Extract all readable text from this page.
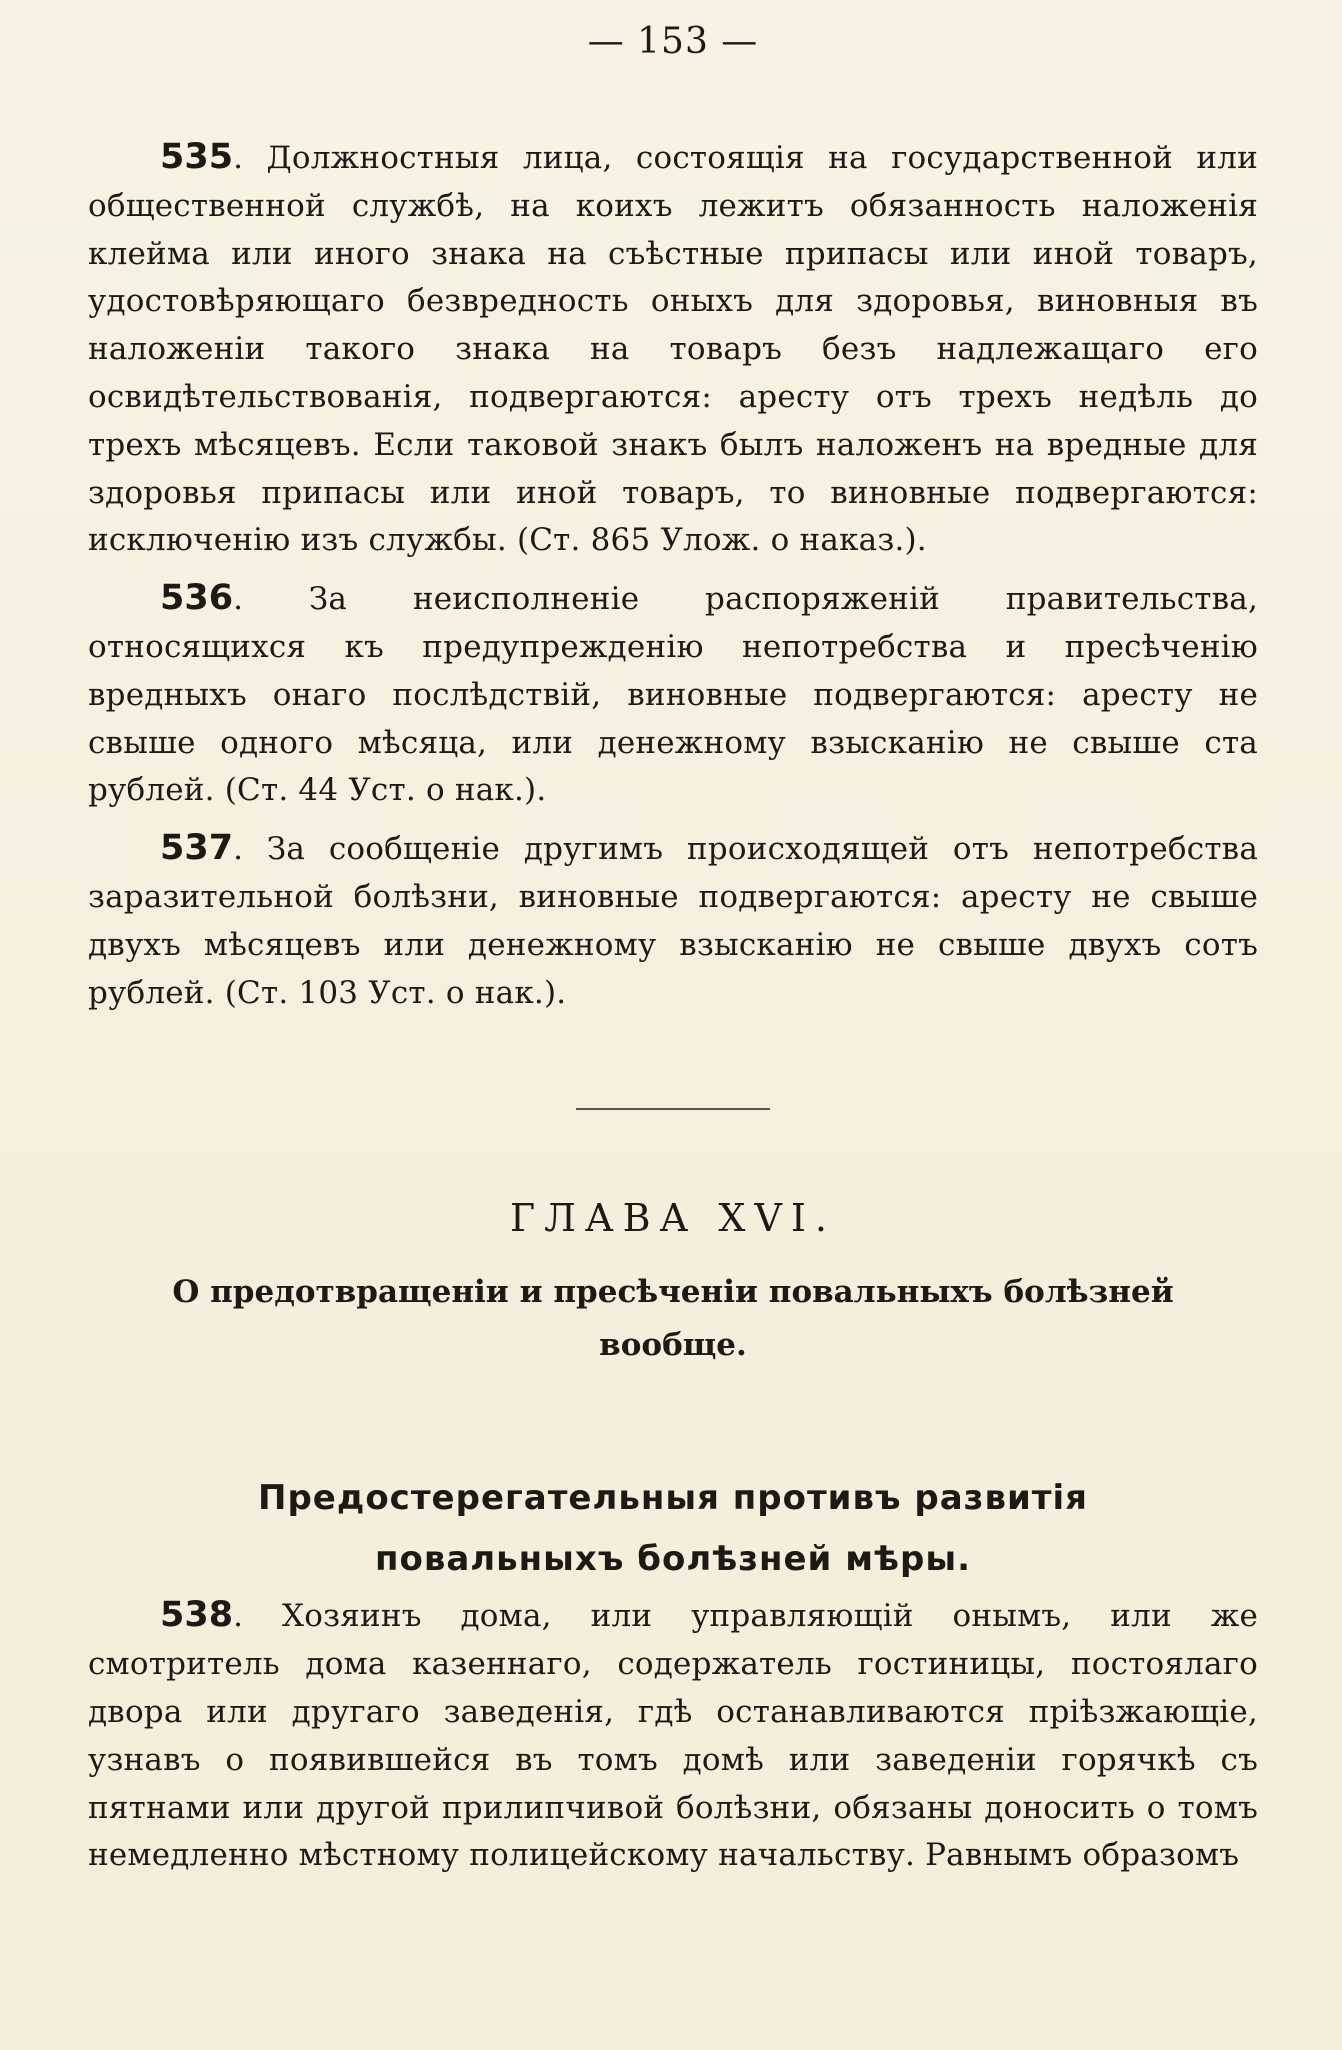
— 153 —

535. Должностныя лица, состоящія на государственной или общественной службѣ, на коихъ лежитъ обязанность наложенія клейма или иного знака на съѣстные припасы или иной товаръ, удостовѣряющаго безвредность оныхъ для здоровья, виновныя въ наложеніи такого знака на товаръ безъ надлежащаго его освидѣтельствованія, подвергаются: аресту отъ трехъ недѣль до трехъ мѣсяцевъ. Если таковой знакъ былъ наложенъ на вредные для здоровья припасы или иной товаръ, то виновные подвергаются: исключенію изъ службы. (Ст. 865 Улож. о наказ.).

536. За неисполненіе распоряженій правительства, относящихся къ предупрежденію непотребства и пресѣченію вредныхъ онаго послѣдствій, виновные подвергаются: аресту не свыше одного мѣсяца, или денежному взысканію не свыше ста рублей. (Ст. 44 Уст. о нак.).

537. За сообщеніе другимъ происходящей отъ непотребства заразительной болѣзни, виновные подвергаются: аресту не свыше двухъ мѣсяцевъ или денежному взысканію не свыше двухъ сотъ рублей. (Ст. 103 Уст. о нак.).

ГЛАВА XVI.
О предотвращеніи и пресѣченіи повальныхъ болѣзней вообще.
Предостерегательныя противъ развитія повальныхъ болѣзней мѣры.

538. Хозяинъ дома, или управляющій онымъ, или же смотритель дома казеннаго, содержатель гостиницы, постоялаго двора или другаго заведенія, гдѣ останавливаются пріѣзжающіе, узнавъ о появившейся въ томъ домѣ или заведеніи горячкѣ съ пятнами или другой прилипчивой болѣзни, обязаны доносить о томъ немедленно мѣстному полицейскому начальству. Равнымъ образомъ
